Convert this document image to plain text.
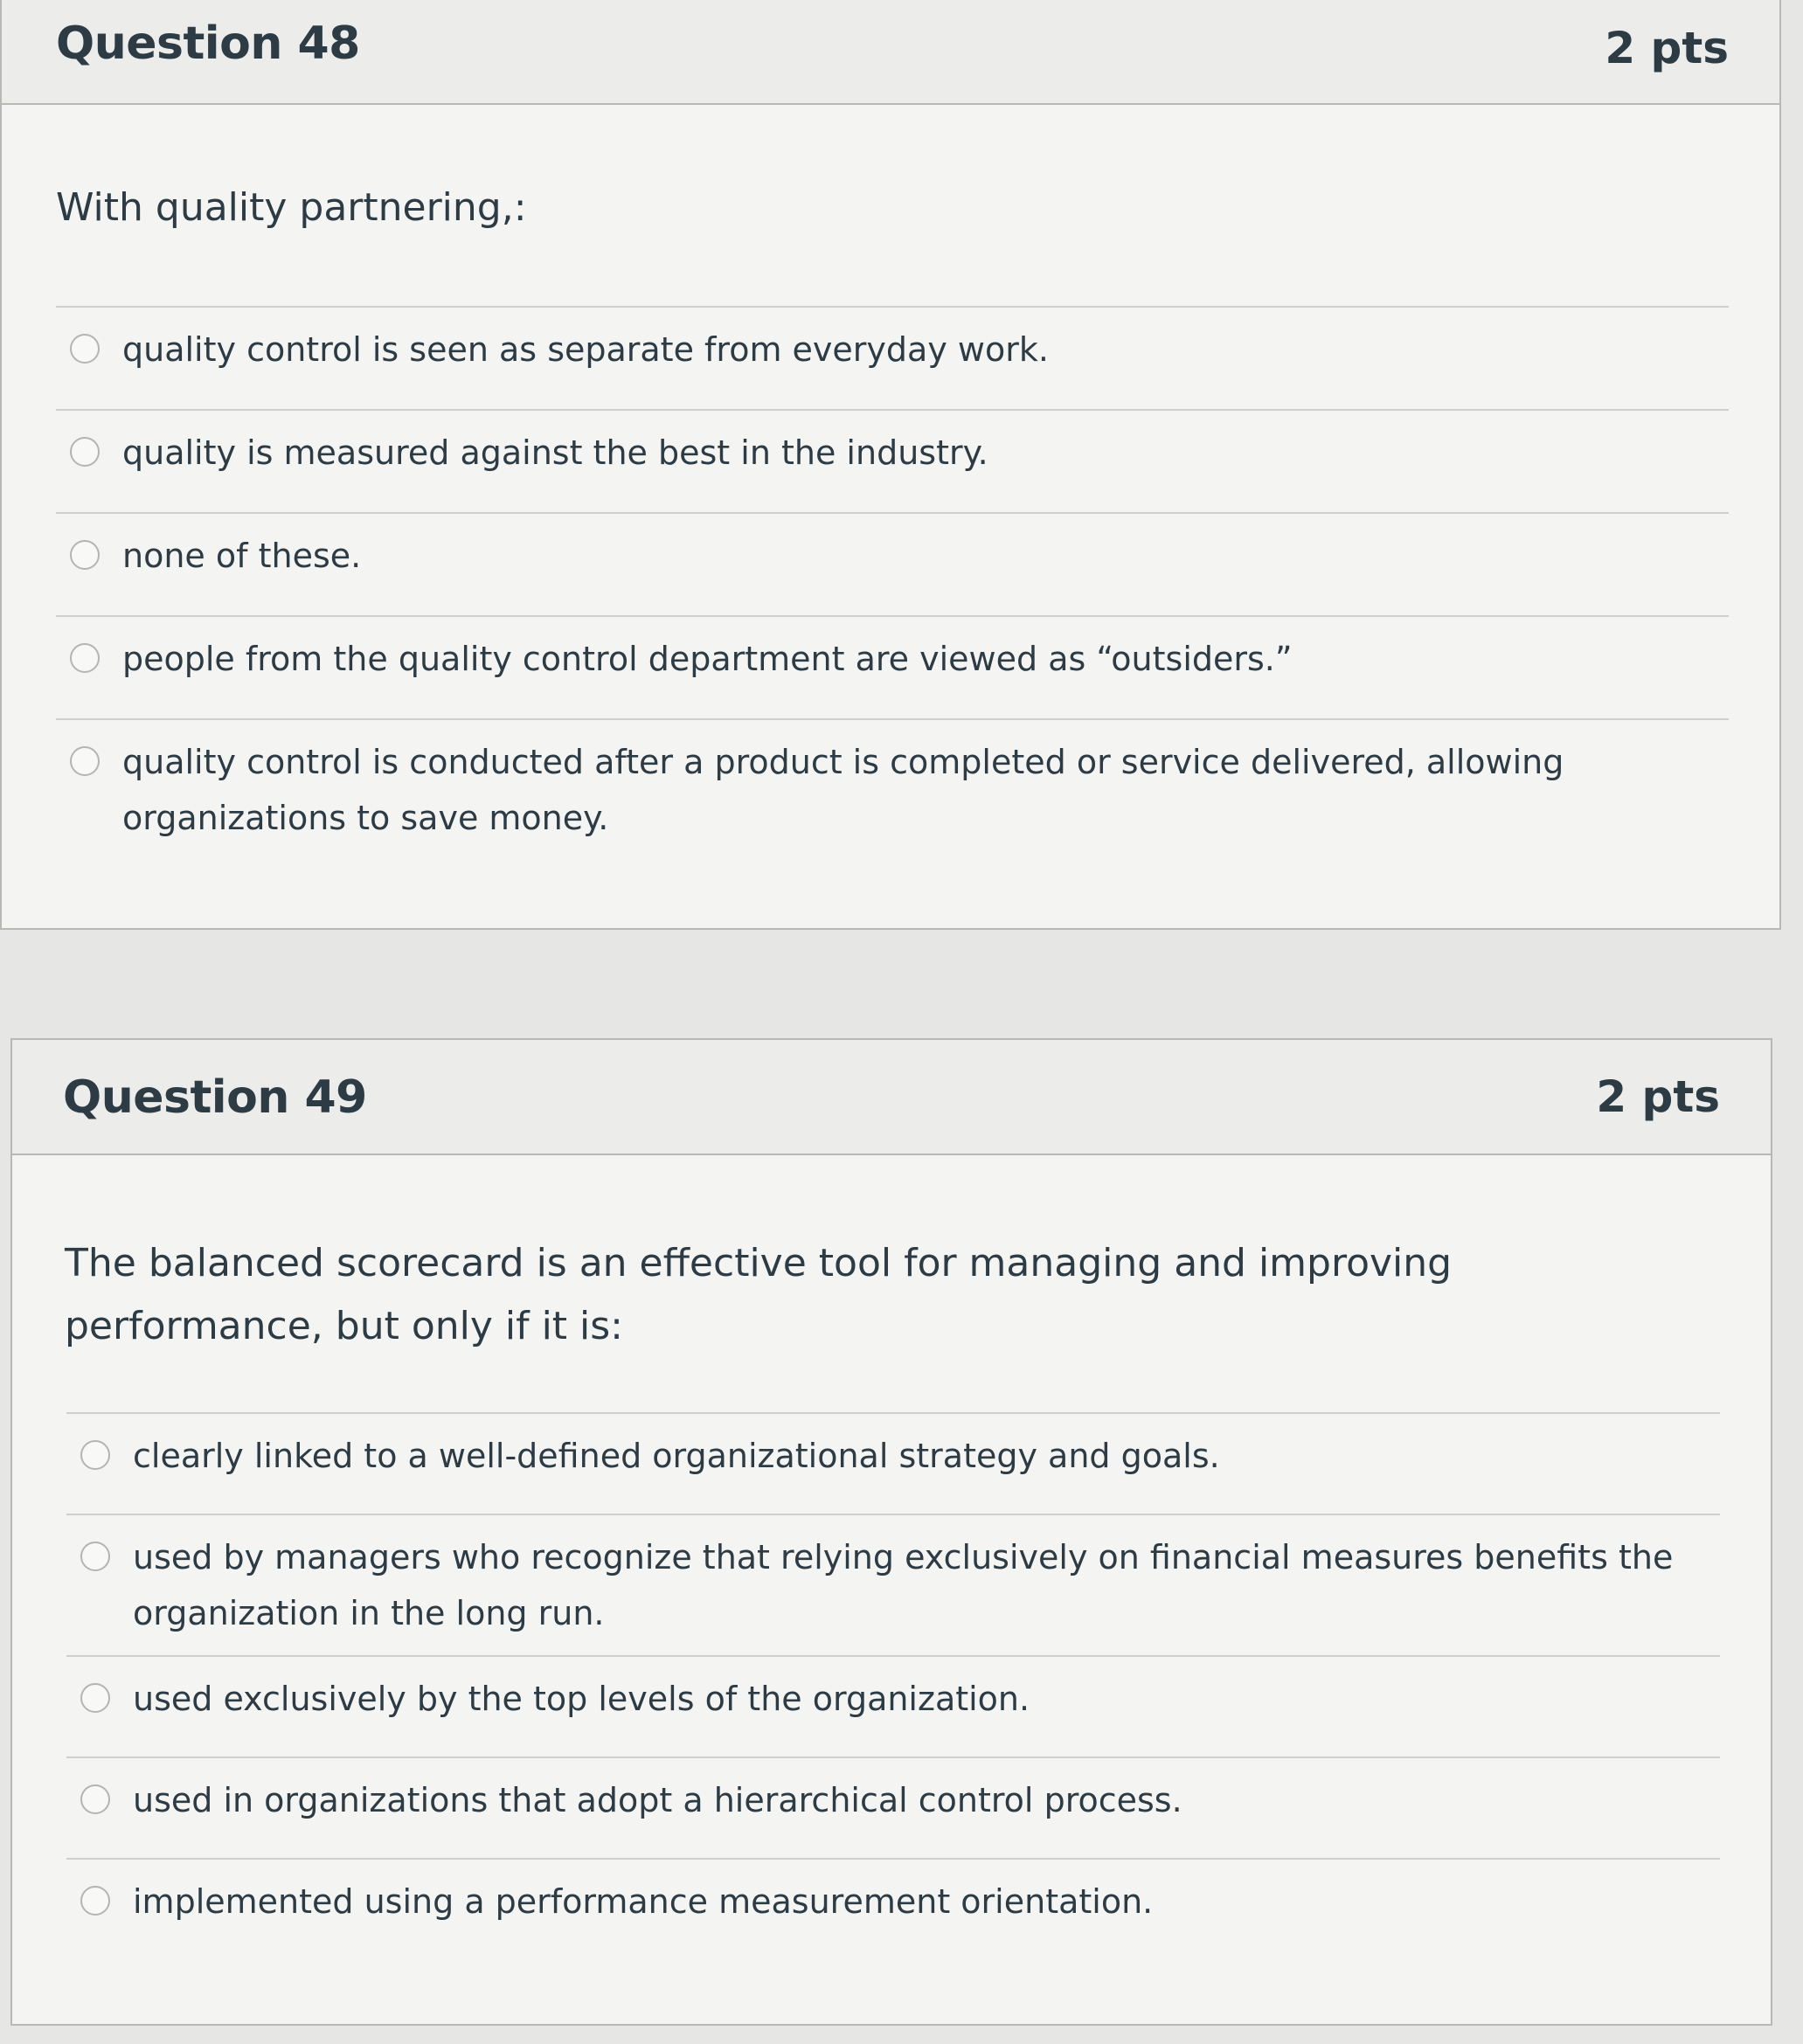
Question 48	2 pts
With quality partnering,:
quality control is seen as separate from everyday work.
quality is measured against the best in the industry.
none of these.
people from the quality control department are viewed as “outsiders.”
quality control is conducted after a product is completed or service delivered, allowing organizations to save money.
Question 49	2 pts
The balanced scorecard is an effective tool for managing and improving performance, but only if it is:
clearly linked to a well-defined organizational strategy and goals.
used by managers who recognize that relying exclusively on financial measures benefits the organization in the long run.
used exclusively by the top levels of the organization.
used in organizations that adopt a hierarchical control process.
implemented using a performance measurement orientation.
